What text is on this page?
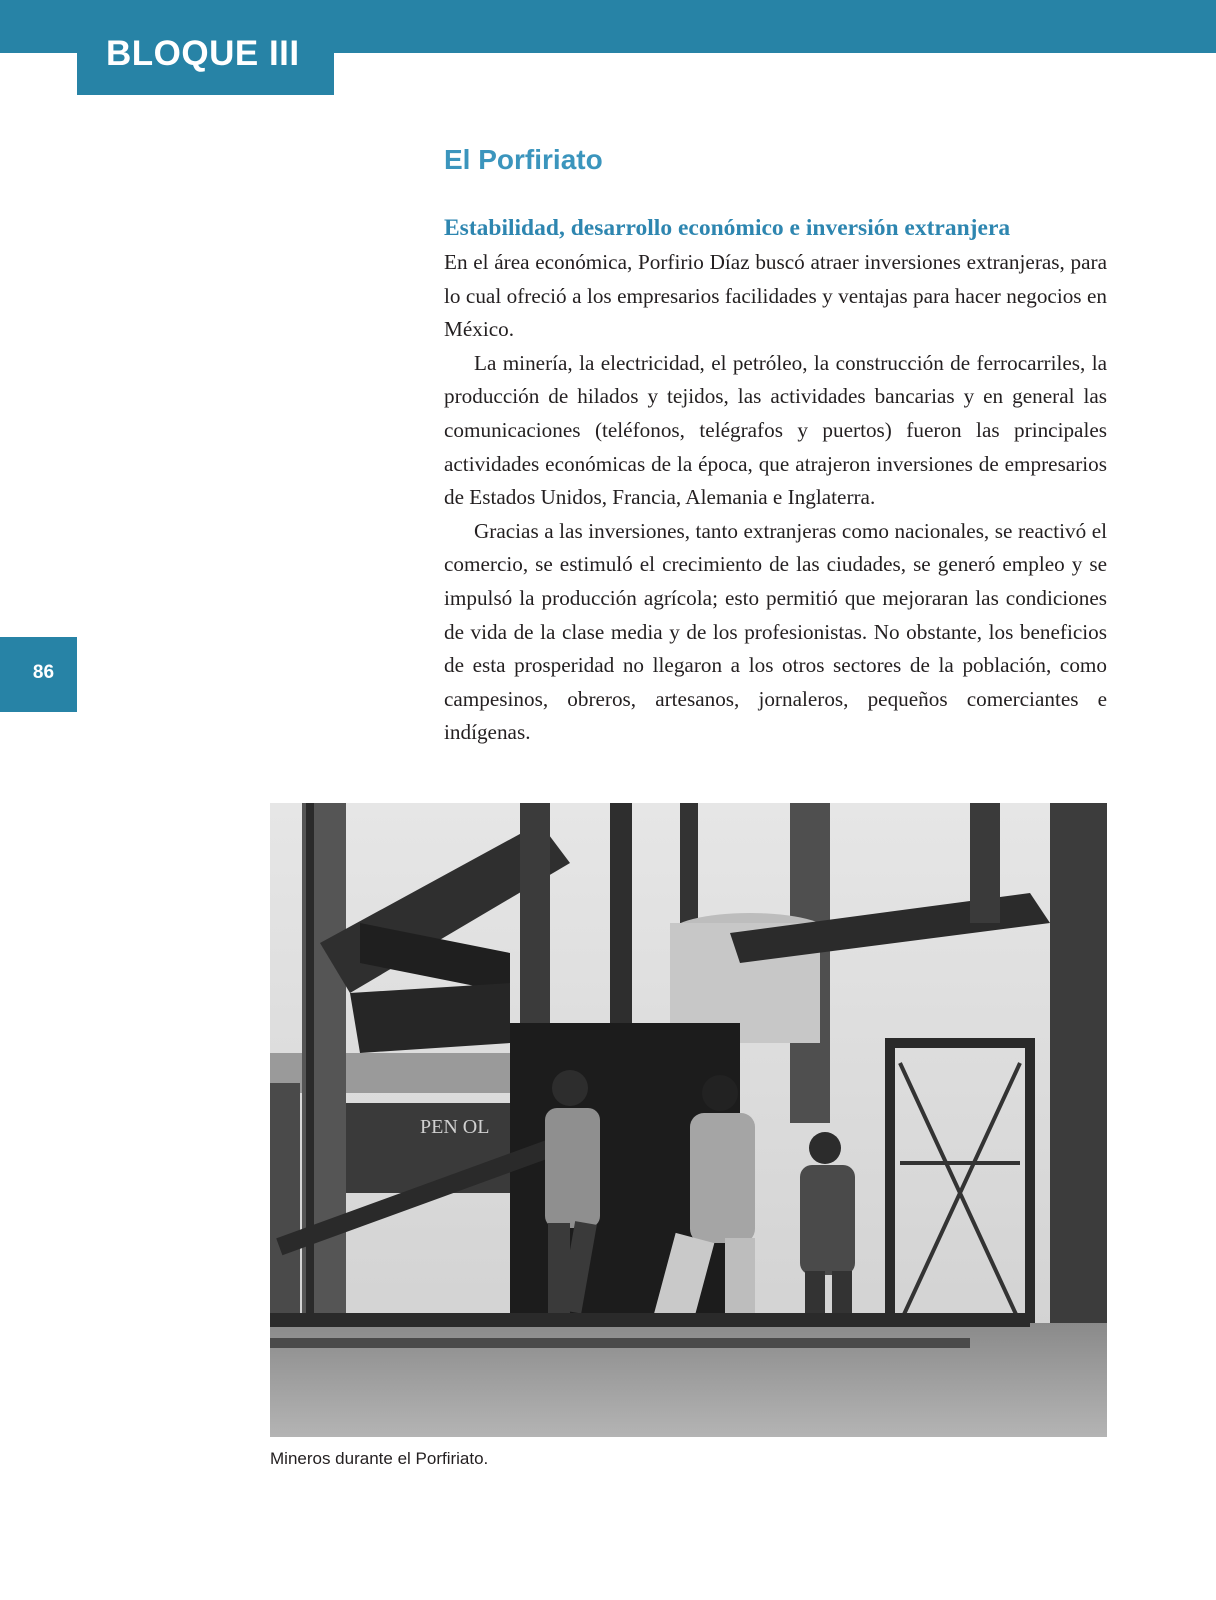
BLOQUE III
86
El Porfiriato
Estabilidad, desarrollo económico e inversión extranjera

En el área económica, Porfirio Díaz buscó atraer inversiones extranjeras, para lo cual ofreció a los empresarios facilidades y ventajas para hacer negocios en México.

La minería, la electricidad, el petróleo, la construcción de ferrocarriles, la producción de hilados y tejidos, las actividades bancarias y en general las comunicaciones (teléfonos, telégrafos y puertos) fueron las principales actividades económicas de la época, que atrajeron inversiones de empresarios de Estados Unidos, Francia, Alemania e Inglaterra.

Gracias a las inversiones, tanto extranjeras como nacionales, se reactivó el comercio, se estimuló el crecimiento de las ciudades, se generó empleo y se impulsó la producción agrícola; esto permitió que mejoraran las condiciones de vida de la clase media y de los profesionistas. No obstante, los beneficios de esta prosperidad no llegaron a los otros sectores de la población, como campesinos, obreros, artesanos, jornaleros, pequeños comerciantes e indígenas.

PEN OL
Mineros durante el Porfiriato.
